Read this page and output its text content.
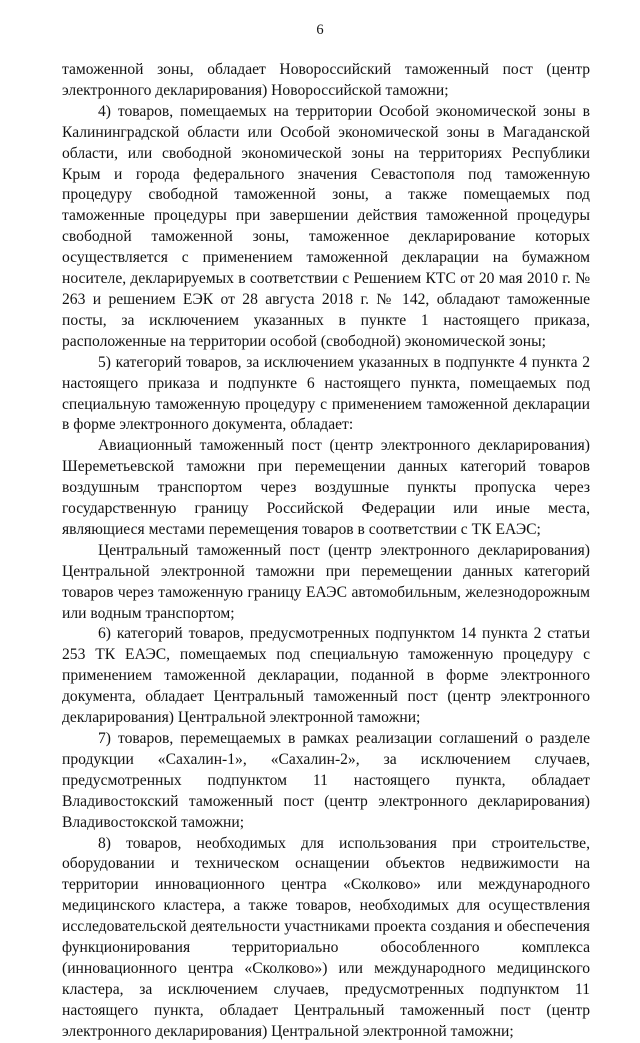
6

таможенной зоны, обладает Новороссийский таможенный пост (центр электронного декларирования) Новороссийской таможни;

4) товаров, помещаемых на территории Особой экономической зоны в Калининградской области или Особой экономической зоны в Магаданской области, или свободной экономической зоны на территориях Республики Крым и города федерального значения Севастополя под таможенную процедуру свободной таможенной зоны, а также помещаемых под таможенные процедуры при завершении действия таможенной процедуры свободной таможенной зоны, таможенное декларирование которых осуществляется с применением таможенной декларации на бумажном носителе, декларируемых в соответствии с Решением КТС от 20 мая 2010 г. № 263 и решением ЕЭК от 28 августа 2018 г. № 142, обладают таможенные посты, за исключением указанных в пункте 1 настоящего приказа, расположенные на территории особой (свободной) экономической зоны;

5) категорий товаров, за исключением указанных в подпункте 4 пункта 2 настоящего приказа и подпункте 6 настоящего пункта, помещаемых под специальную таможенную процедуру с применением таможенной декларации в форме электронного документа, обладает:

Авиационный таможенный пост (центр электронного декларирования) Шереметьевской таможни при перемещении данных категорий товаров воздушным транспортом через воздушные пункты пропуска через государственную границу Российской Федерации или иные места, являющиеся местами перемещения товаров в соответствии с ТК ЕАЭС;

Центральный таможенный пост (центр электронного декларирования) Центральной электронной таможни при перемещении данных категорий товаров через таможенную границу ЕАЭС автомобильным, железнодорожным или водным транспортом;

6) категорий товаров, предусмотренных подпунктом 14 пункта 2 статьи 253 ТК ЕАЭС, помещаемых под специальную таможенную процедуру с применением таможенной декларации, поданной в форме электронного документа, обладает Центральный таможенный пост (центр электронного декларирования) Центральной электронной таможни;

7) товаров, перемещаемых в рамках реализации соглашений о разделе продукции «Сахалин-1», «Сахалин-2», за исключением случаев, предусмотренных подпунктом 11 настоящего пункта, обладает Владивостокский таможенный пост (центр электронного декларирования) Владивостокской таможни;

8) товаров, необходимых для использования при строительстве, оборудовании и техническом оснащении объектов недвижимости на территории инновационного центра «Сколково» или международного медицинского кластера, а также товаров, необходимых для осуществления исследовательской деятельности участниками проекта создания и обеспечения функционирования территориально обособленного комплекса (инновационного центра «Сколково») или международного медицинского кластера, за исключением случаев, предусмотренных подпунктом 11 настоящего пункта, обладает Центральный таможенный пост (центр электронного декларирования) Центральной электронной таможни;
